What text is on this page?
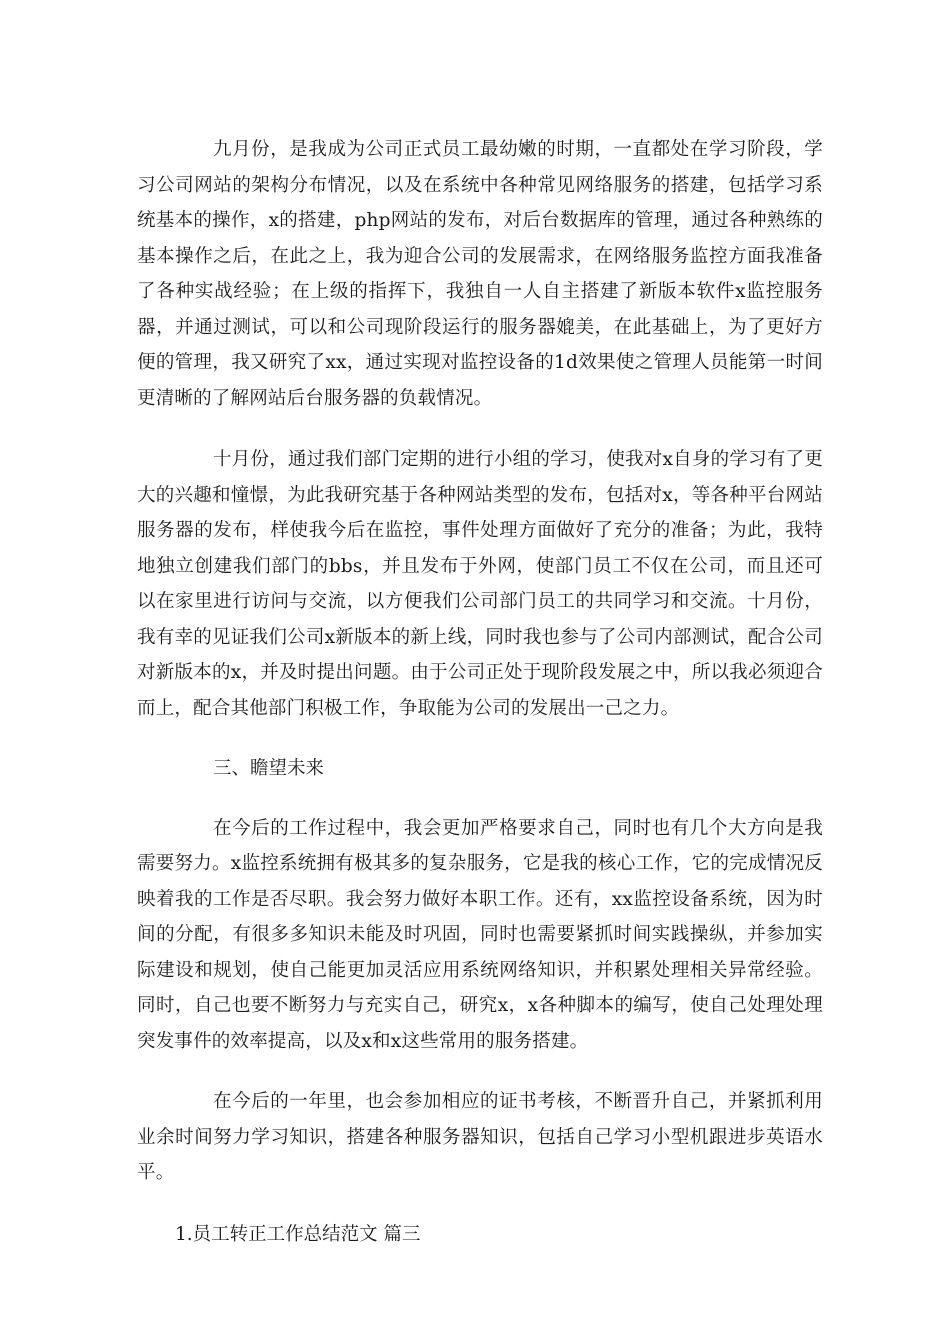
九月份，是我成为公司正式员工最幼嫩的时期，一直都处在学习阶段，学习公司网站的架构分布情况，以及在系统中各种常见网络服务的搭建，包括学习系统基本的操作，x的搭建，php网站的发布，对后台数据库的管理，通过各种熟练的基本操作之后，在此之上，我为迎合公司的发展需求，在网络服务监控方面我准备了各种实战经验；在上级的指挥下，我独自一人自主搭建了新版本软件x监控服务器，并通过测试，可以和公司现阶段运行的服务器媲美，在此基础上，为了更好方便的管理，我又研究了xx，通过实现对监控设备的1d效果使之管理人员能第一时间更清晰的了解网站后台服务器的负载情况。

十月份，通过我们部门定期的进行小组的学习，使我对x自身的学习有了更大的兴趣和憧憬，为此我研究基于各种网站类型的发布，包括对x，等各种平台网站服务器的发布，样使我今后在监控，事件处理方面做好了充分的准备；为此，我特地独立创建我们部门的bbs，并且发布于外网，使部门员工不仅在公司，而且还可以在家里进行访问与交流，以方便我们公司部门员工的共同学习和交流。十月份，我有幸的见证我们公司x新版本的新上线，同时我也参与了公司内部测试，配合公司对新版本的x，并及时提出问题。由于公司正处于现阶段发展之中，所以我必须迎合而上，配合其他部门积极工作，争取能为公司的发展出一己之力。

三、瞻望未来

在今后的工作过程中，我会更加严格要求自己，同时也有几个大方向是我需要努力。x监控系统拥有极其多的复杂服务，它是我的核心工作，它的完成情况反映着我的工作是否尽职。我会努力做好本职工作。还有，xx监控设备系统，因为时间的分配，有很多多知识未能及时巩固，同时也需要紧抓时间实践操纵，并参加实际建设和规划，使自己能更加灵活应用系统网络知识，并积累处理相关异常经验。同时，自己也要不断努力与充实自己，研究x，x各种脚本的编写，使自己处理处理突发事件的效率提高，以及x和x这些常用的服务搭建。

在今后的一年里，也会参加相应的证书考核，不断晋升自己，并紧抓利用业余时间努力学习知识，搭建各种服务器知识，包括自己学习小型机跟进步英语水平。

1.员工转正工作总结范文 篇三
